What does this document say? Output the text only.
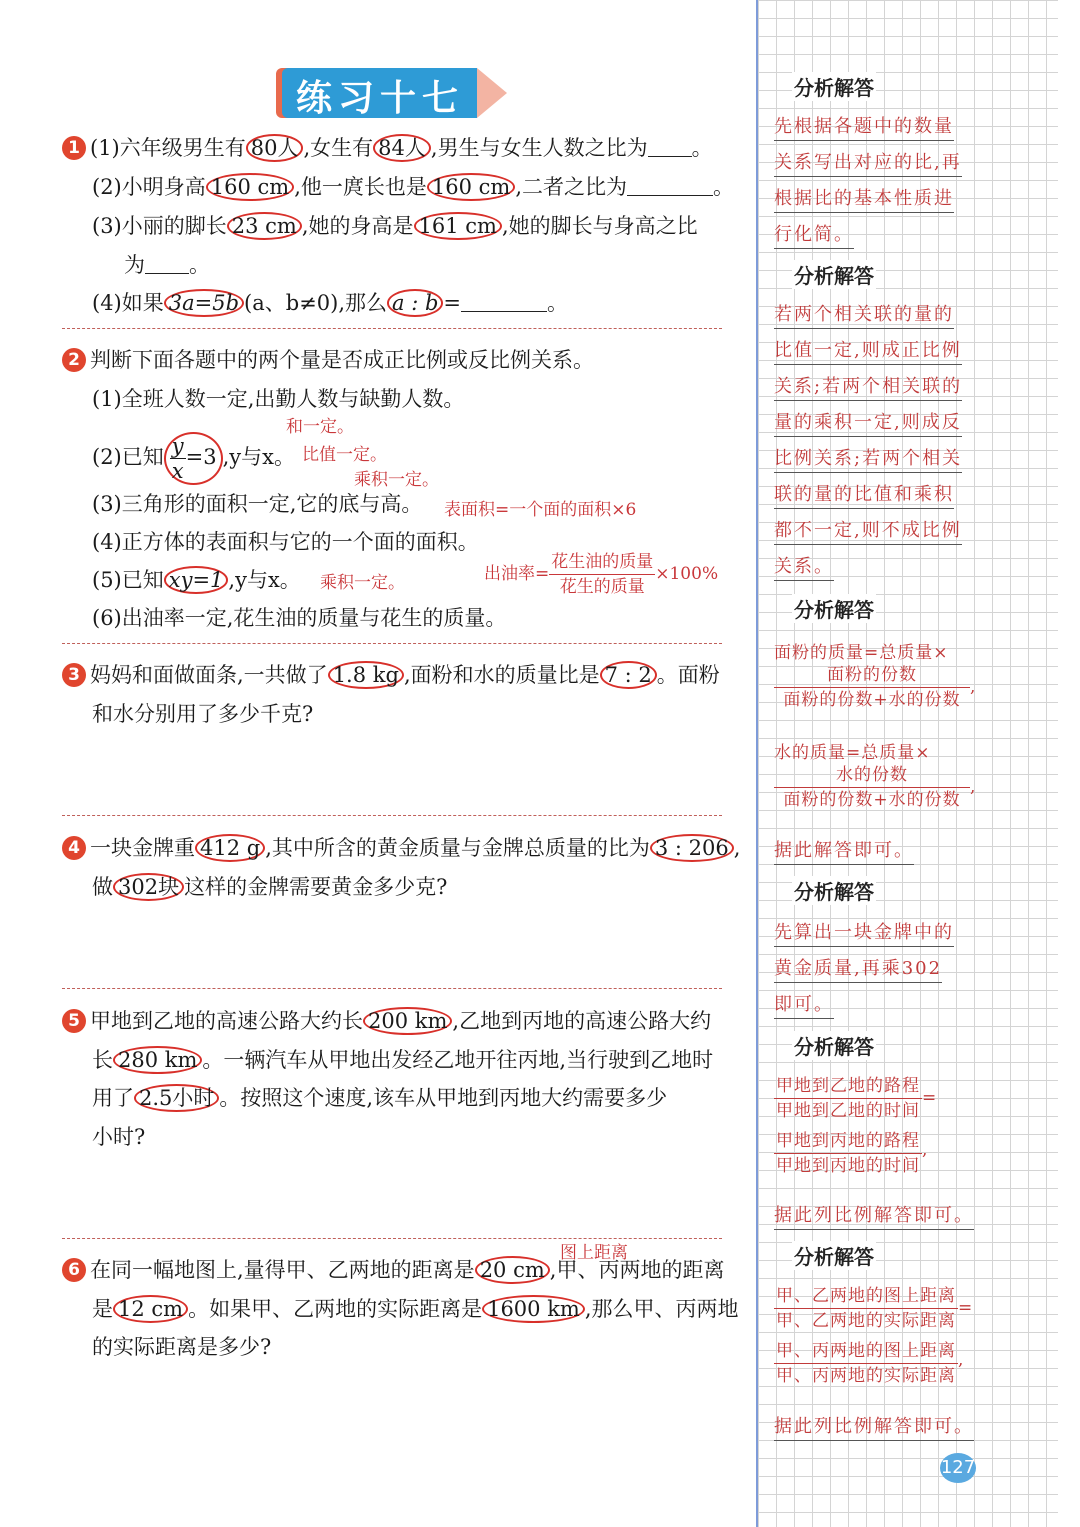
练习十七
1 (1)六年级男生有 80人 ,女生有 84人 ,男生与女生人数之比为 。
(2)小明身高 160 cm ,他一庹长也是 160 cm ,二者之比为	。
(3)小丽的脚长 23 cm ,她的身高是 161 cm ,她的脚长与身高之比
为 。
(4)如果 3a=5b (a、b≠0),那么 a : b =	。
2 判断下面各题中的两个量是否成正比例或反比例关系。
(1)全班人数一定,出勤人数与缺勤人数。
和一定。
(2)已知 $\frac{y}{x} =3$ ,y与x。 比值一定。
乘积一定。
(3)三角形的面积一定,它的底与高。 表面积=一个面的面积×6
(4)正方体的表面积与它的一个面的面积。
(5)已知 xy=1 ,y与x。 乘积一定。	出油率= $\frac{\text{花生油的质量}}{\text{花生的质量}} \times 100\%$
(6)出油率一定,花生油的质量与花生的质量。
3 妈妈和面做面条,一共做了 1.8 kg ,面粉和水的质量比是 7 : 2 。面粉
和水分别用了多少千克?
4 一块金牌重 412 g ,其中所含的黄金质量与金牌总质量的比为 3 : 206 ,
做 302块 这样的金牌需要黄金多少克?
5 甲地到乙地的高速公路大约长 200 km ,乙地到丙地的高速公路大约
长 280 km 。一辆汽车从甲地出发经乙地开往丙地,当行驶到乙地时
用了 2.5小时 。按照这个速度,该车从甲地到丙地大约需要多少
小时?
图上距离
6 在同一幅地图上,量得甲、乙两地的距离是 20 cm ,甲、丙两地的距离
是 12 cm 。如果甲、乙两地的实际距离是 1600 km ,那么甲、丙两地
的实际距离是多少?
分析解答
先根据各题中的数量
关系写出对应的比,再
根据比的基本性质进
行化简。
分析解答
若两个相关联的量的
比值一定,则成正比例
关系;若两个相关联的
量的乘积一定,则成反
比例关系;若两个相关
联的量的比值和乘积
都不一定,则不成比例
关系。
分析解答
面粉的质量=总质量×

$\frac{\text{面粉的份数}}{\text{面粉的份数+水的份数}}$ ,
水的质量=总质量×

$\frac{\text{水的份数}}{\text{面粉的份数+水的份数}}$ ,
据此解答即可。
分析解答
先算出一块金牌中的
黄金质量,再乘302
即可。
分析解答
$\frac{\text{甲地到乙地的路程}}{\text{甲地到乙地的时间}}$ =

$\frac{\text{甲地到丙地的路程}}{\text{甲地到丙地的时间}}$ ,
据此列比例解答即可。
分析解答
$\frac{\text{甲、乙两地的图上距离}}{\text{甲、乙两地的实际距离}}$ =

$\frac{\text{甲、丙两地的图上距离}}{\text{甲、丙两地的实际距离}}$ ,
据此列比例解答即可。
127
